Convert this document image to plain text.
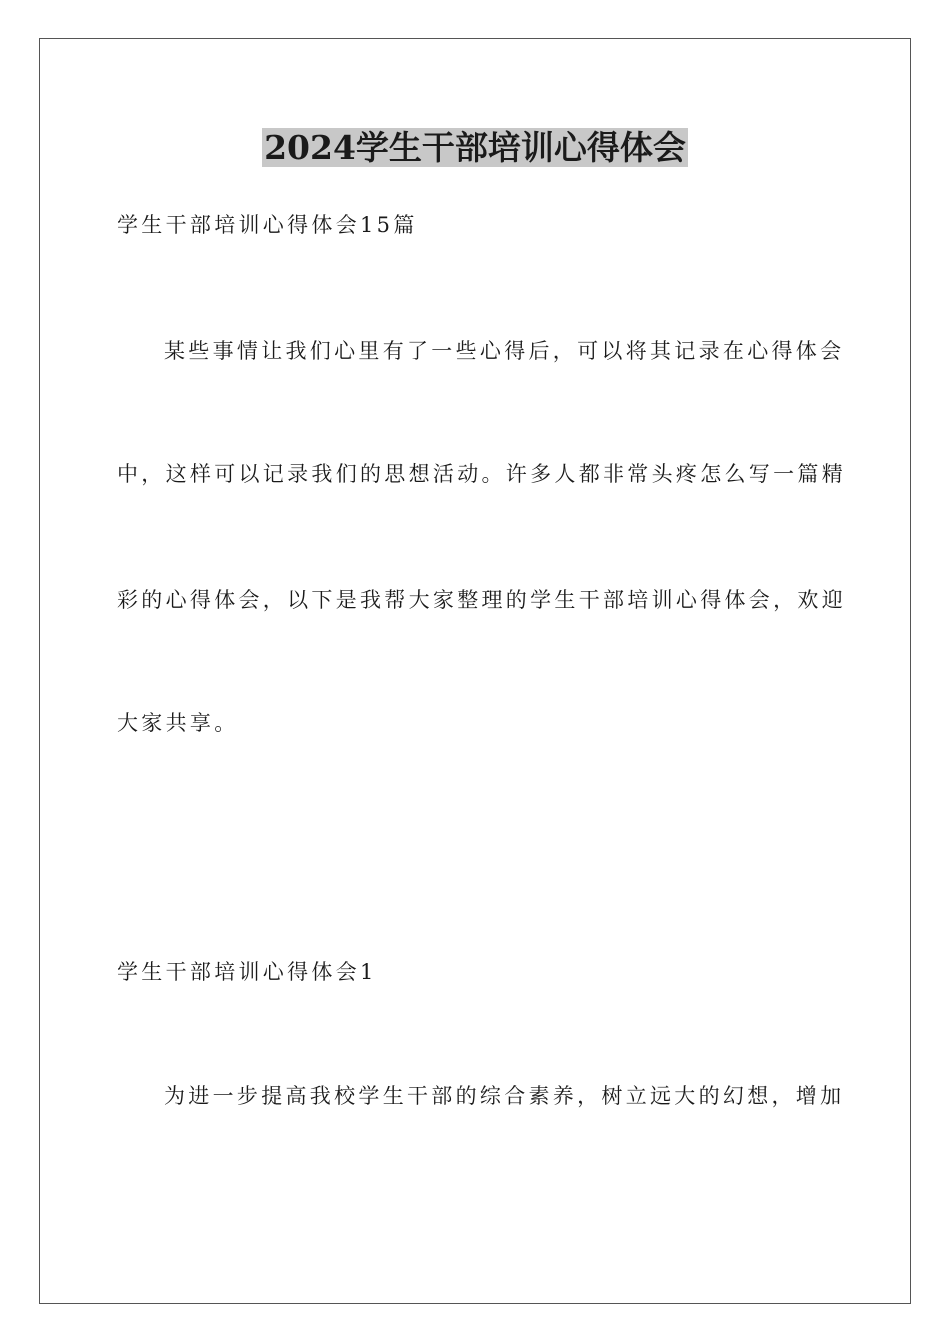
2024学生干部培训心得体会
学生干部培训心得体会15篇
某些事情让我们心里有了一些心得后，可以将其记录在心得体会
中，这样可以记录我们的思想活动。许多人都非常头疼怎么写一篇精
彩的心得体会，以下是我帮大家整理的学生干部培训心得体会，欢迎
大家共享。
学生干部培训心得体会1
为进一步提高我校学生干部的综合素养，树立远大的幻想，增加
